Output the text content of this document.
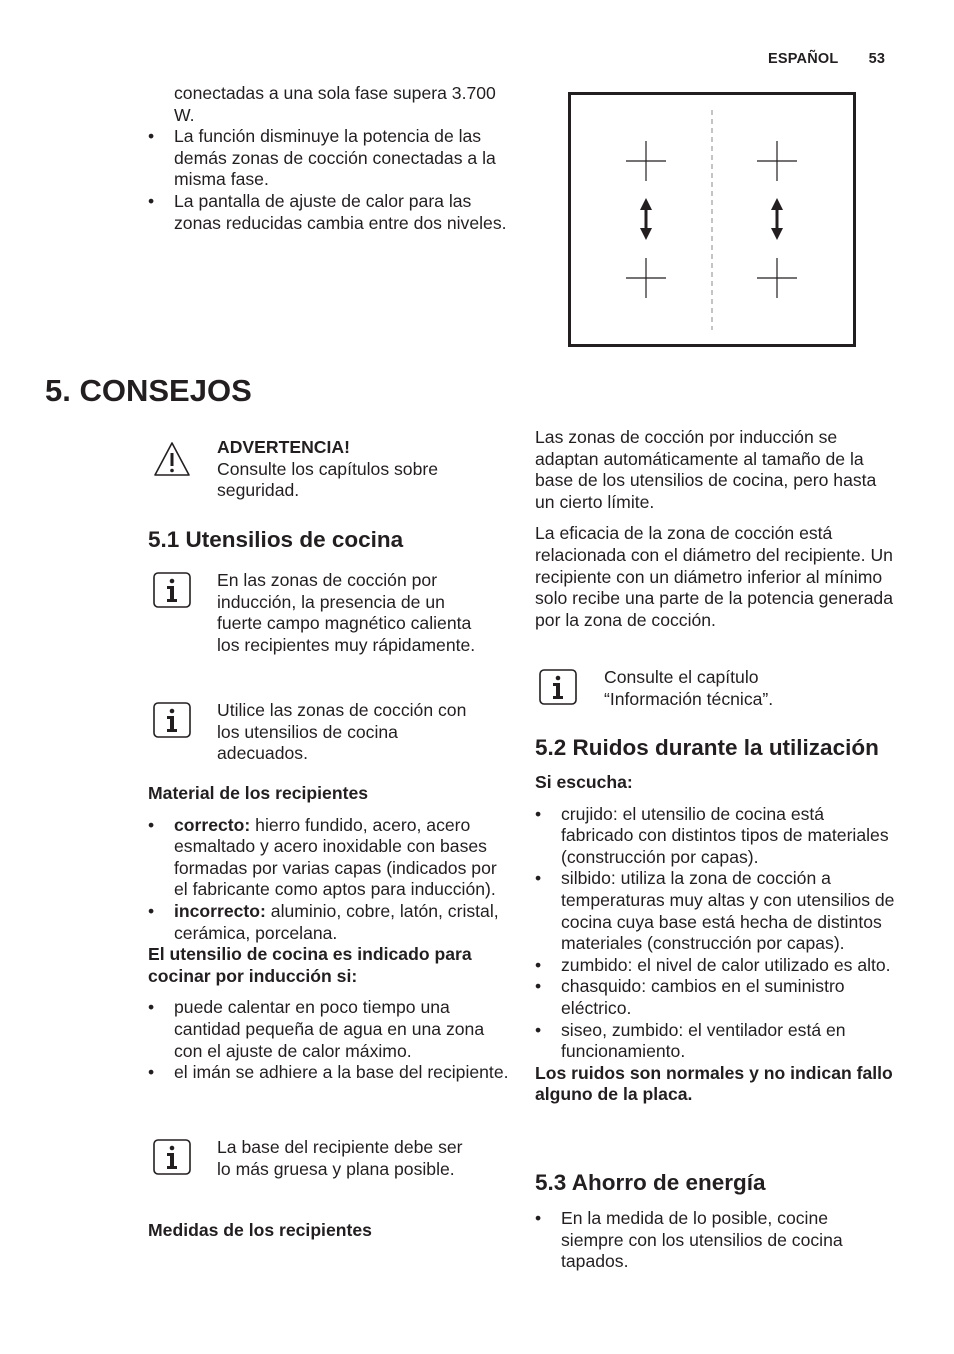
ESPAÑOL 53

conectadas a una sola fase supera 3.700 W.

• La función disminuye la potencia de las demás zonas de cocción conectadas a la misma fase.
• La pantalla de ajuste de calor para las zonas reducidas cambia entre dos niveles.
5. CONSEJOS

ADVERTENCIA!

Consulte los capítulos sobre seguridad.

5.1 Utensilios de cocina

En las zonas de cocción por inducción, la presencia de un fuerte campo magnético calienta los recipientes muy rápidamente.

Utilice las zonas de cocción con los utensilios de cocina adecuados.

Material de los recipientes

• correcto: hierro fundido, acero, acero esmaltado y acero inoxidable con bases formadas por varias capas (indicados por el fabricante como aptos para inducción).
• incorrecto: aluminio, cobre, latón, cristal, cerámica, porcelana.

El utensilio de cocina es indicado para cocinar por inducción si:

• puede calentar en poco tiempo una cantidad pequeña de agua en una zona con el ajuste de calor máximo.
• el imán se adhiere a la base del recipiente.

La base del recipiente debe ser lo más gruesa y plana posible.

Medidas de los recipientes

Las zonas de cocción por inducción se adaptan automáticamente al tamaño de la base de los utensilios de cocina, pero hasta un cierto límite.

La eficacia de la zona de cocción está relacionada con el diámetro del recipiente. Un recipiente con un diámetro inferior al mínimo solo recibe una parte de la potencia generada por la zona de cocción.

Consulte el capítulo “Información técnica”.

5.2 Ruidos durante la utilización

Si escucha:

• crujido: el utensilio de cocina está fabricado con distintos tipos de materiales (construcción por capas).
• silbido: utiliza la zona de cocción a temperaturas muy altas y con utensilios de cocina cuya base está hecha de distintos materiales (construcción por capas).
• zumbido: el nivel de calor utilizado es alto.
• chasquido: cambios en el suministro eléctrico.
• siseo, zumbido: el ventilador está en funcionamiento.

Los ruidos son normales y no indican fallo alguno de la placa.

5.3 Ahorro de energía
• En la medida de lo posible, cocine siempre con los utensilios de cocina tapados.
